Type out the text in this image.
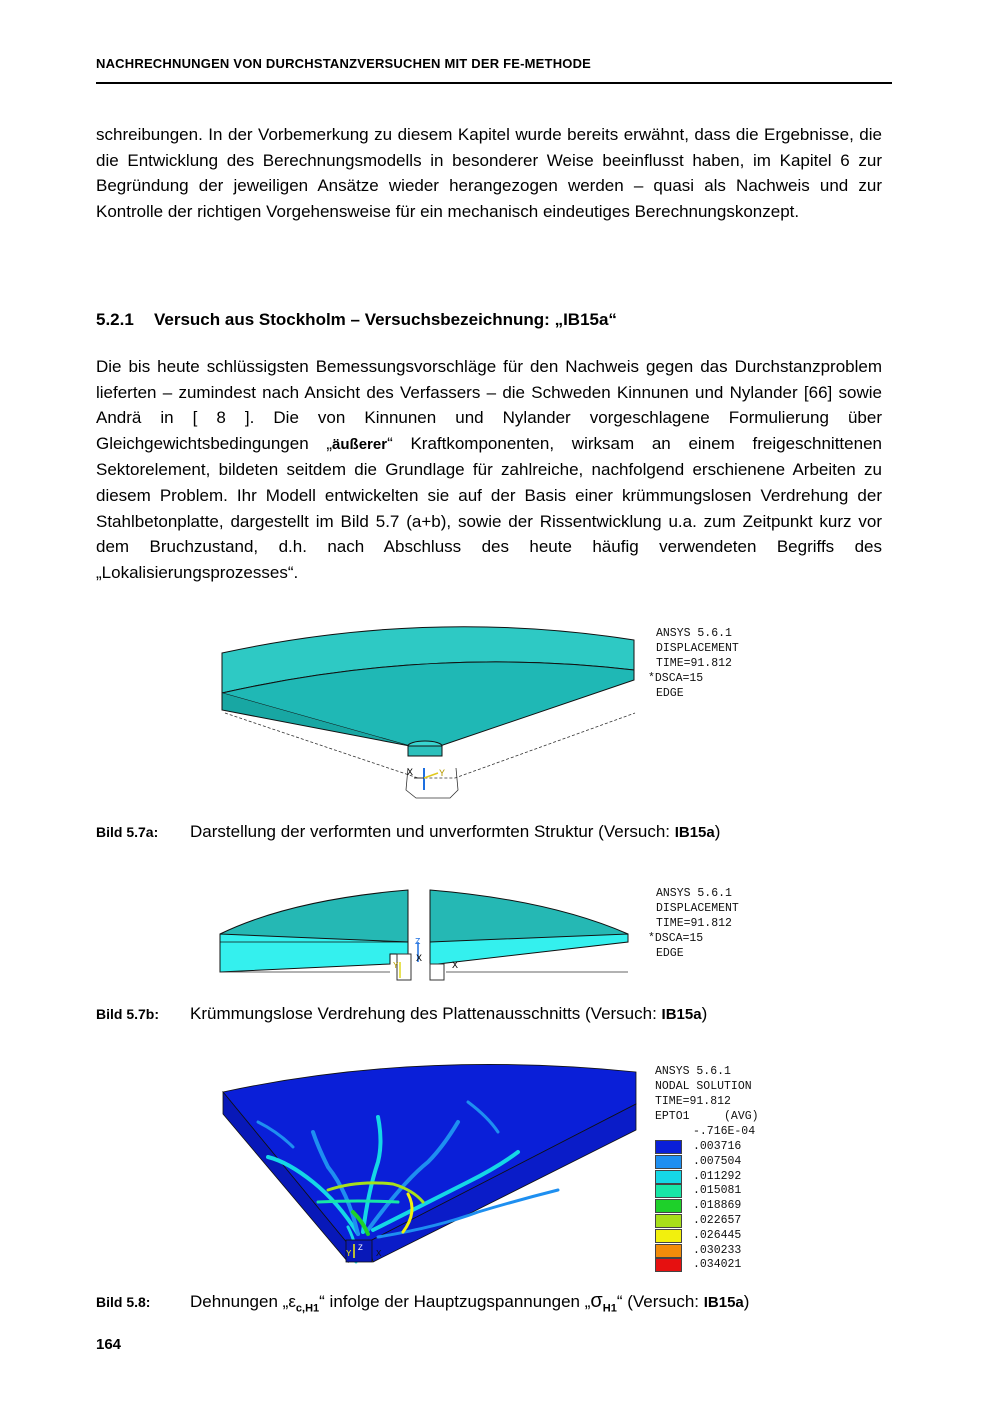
NACHRECHNUNGEN VON DURCHSTANZVERSUCHEN MIT DER FE-METHODE

schreibungen. In der Vorbemerkung zu diesem Kapitel wurde bereits erwähnt, dass die Ergebnisse, die die Entwicklung des Berechnungsmodells in besonderer Weise beeinflusst haben, im Kapitel 6 zur Begründung der jeweiligen Ansätze wieder herangezogen werden – quasi als Nachweis und zur Kontrolle der richtigen Vorgehensweise für ein mechanisch eindeutiges Berechnungskonzept.

5.2.1 Versuch aus Stockholm – Versuchsbezeichnung: „IB15a“

Die bis heute schlüssigsten Bemessungsvorschläge für den Nachweis gegen das Durchstanzproblem lieferten – zumindest nach Ansicht des Verfassers – die Schweden Kinnunen und Nylander [66] sowie Andrä in [ 8 ]. Die von Kinnunen und Nylander vorgeschlagene Formulierung über Gleichgewichtsbedingungen „äußerer“ Kraftkomponenten, wirksam an einem freigeschnittenen Sektorelement, bildeten seitdem die Grundlage für zahlreiche, nachfolgend erschienene Arbeiten zu diesem Problem. Ihr Modell entwickelten sie auf der Basis einer krümmungslosen Verdrehung der Stahlbetonplatte, dargestellt im Bild 5.7 (a+b), sowie der Rissentwicklung u.a. zum Zeitpunkt kurz vor dem Bruchzustand, d.h. nach Abschluss des heute häufig verwendeten Begriffs des „Lokalisierungsprozesses“.

X	Y
ANSYS 5.6.1
DISPLACEMENT
TIME=91.812
*DSCA=15
EDGE
Bild 5.7a: Darstellung der verformten und unverformten Struktur (Versuch: IB15a)
Z
X
Y	X
ANSYS 5.6.1
DISPLACEMENT
TIME=91.812
*DSCA=15
EDGE
Bild 5.7b: Krümmungslose Verdrehung des Plattenausschnitts (Versuch: IB15a)
Y
Z
X
ANSYS 5.6.1
NODAL SOLUTION
TIME=91.812
EPTO1     (AVG)
-.716E-04
.003716
.007504
.011292
.015081
.018869
.022657
.026445
.030233
.034021
Bild 5.8: Dehnungen $„\varepsilon_{c,H1}“$ infolge der Hauptzugspannungen $„\sigma_{H1}“$ (Versuch: IB15a)
164
